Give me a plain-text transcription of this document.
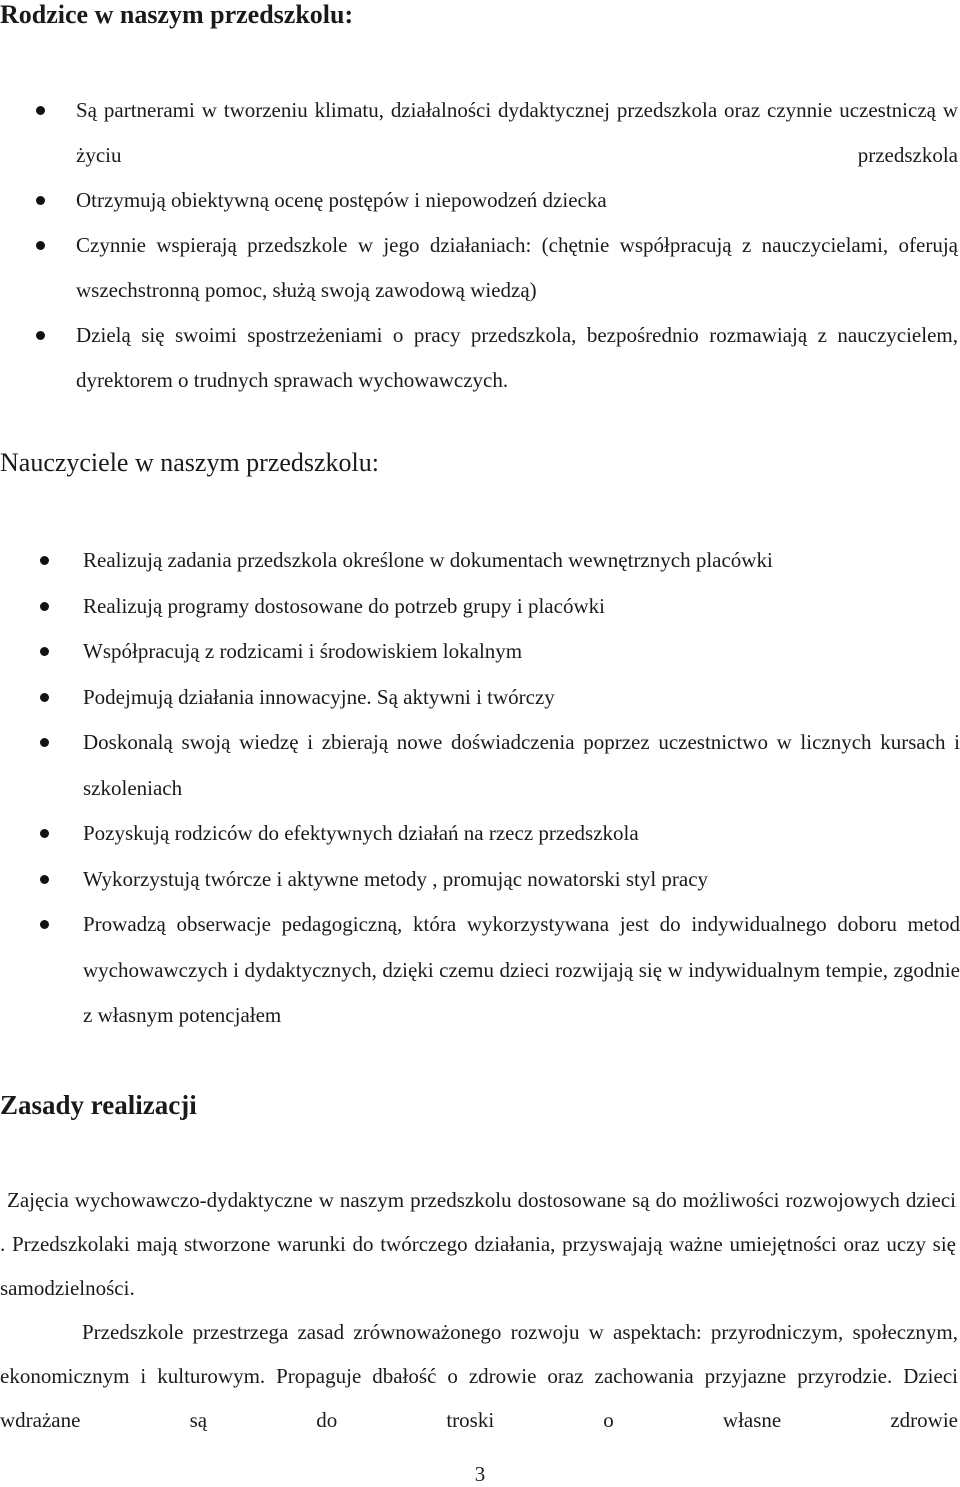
Rodzice w naszym przedszkolu:
Są partnerami w tworzeniu klimatu, działalności dydaktycznej przedszkola oraz czynnie uczestniczą w życiu przedszkola
Otrzymują obiektywną ocenę postępów i niepowodzeń dziecka
Czynnie wspierają przedszkole w jego działaniach: (chętnie współpracują z nauczycielami, oferują wszechstronną pomoc, służą swoją zawodową wiedzą)
Dzielą się swoimi spostrzeżeniami o pracy przedszkola, bezpośrednio rozmawiają z nauczycielem, dyrektorem o trudnych sprawach wychowawczych.
Nauczyciele w naszym przedszkolu:
Realizują zadania przedszkola określone w dokumentach wewnętrznych placówki
Realizują programy dostosowane do potrzeb grupy i placówki
Współpracują z rodzicami i środowiskiem lokalnym
Podejmują działania innowacyjne. Są aktywni i twórczy
Doskonalą swoją wiedzę i zbierają nowe doświadczenia poprzez uczestnictwo w licznych kursach i szkoleniach
Pozyskują rodziców do efektywnych działań na rzecz przedszkola
Wykorzystują twórcze i aktywne metody , promując nowatorski styl pracy
Prowadzą obserwacje pedagogiczną, która wykorzystywana jest do indywidualnego doboru metod wychowawczych i dydaktycznych, dzięki czemu dzieci rozwijają się w indywidualnym tempie, zgodnie z własnym potencjałem
Zasady realizacji

Zajęcia wychowawczo-dydaktyczne w naszym przedszkolu dostosowane są do możliwości rozwojowych dzieci . Przedszkolaki mają stworzone warunki do twórczego działania, przyswajają ważne umiejętności oraz uczy się samodzielności.

Przedszkole przestrzega zasad zrównoważonego rozwoju w aspektach: przyrodniczym, społecznym, ekonomicznym i kulturowym. Propaguje dbałość o zdrowie oraz zachowania przyjazne przyrodzie. Dzieci wdrażane są do troski o własne zdrowie

3
